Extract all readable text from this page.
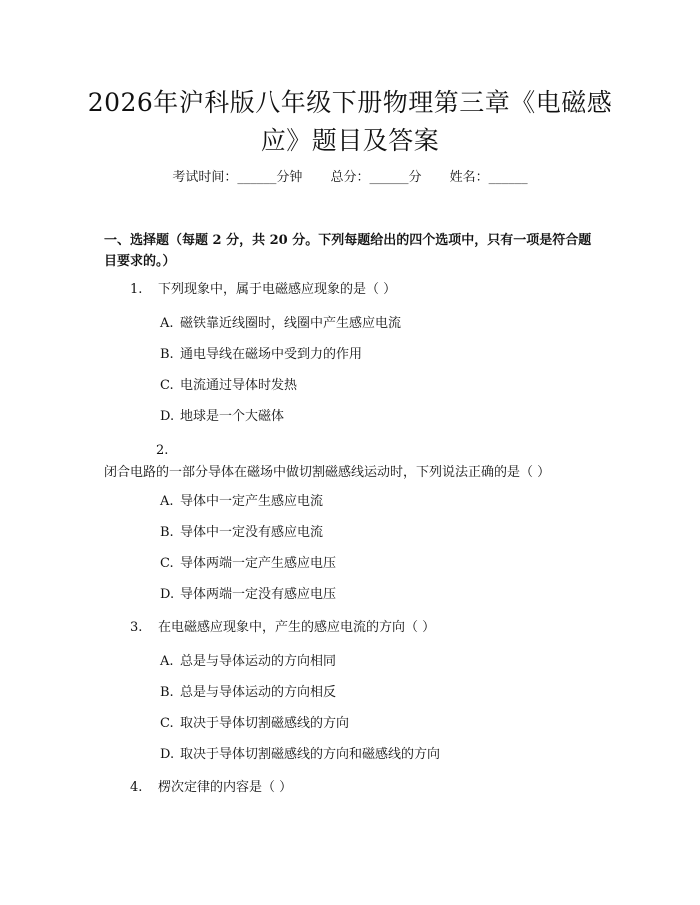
2026年沪科版八年级下册物理第三章《电磁感应》题目及答案
考试时间：______分钟 总分：______分 姓名：______
一、选择题（每题 2 分，共 20 分。下列每题给出的四个选项中，只有一项是符合题目要求的。）
1. 下列现象中，属于电磁感应现象的是（ ）
A. 磁铁靠近线圈时，线圈中产生感应电流
B. 通电导线在磁场中受到力的作用
C. 电流通过导体时发热
D. 地球是一个大磁体
2.闭合电路的一部分导体在磁场中做切割磁感线运动时，下列说法正确的是（ ）
A. 导体中一定产生感应电流
B. 导体中一定没有感应电流
C. 导体两端一定产生感应电压
D. 导体两端一定没有感应电压
3. 在电磁感应现象中，产生的感应电流的方向（ ）
A. 总是与导体运动的方向相同
B. 总是与导体运动的方向相反
C. 取决于导体切割磁感线的方向
D. 取决于导体切割磁感线的方向和磁感线的方向
4. 楞次定律的内容是（ ）
